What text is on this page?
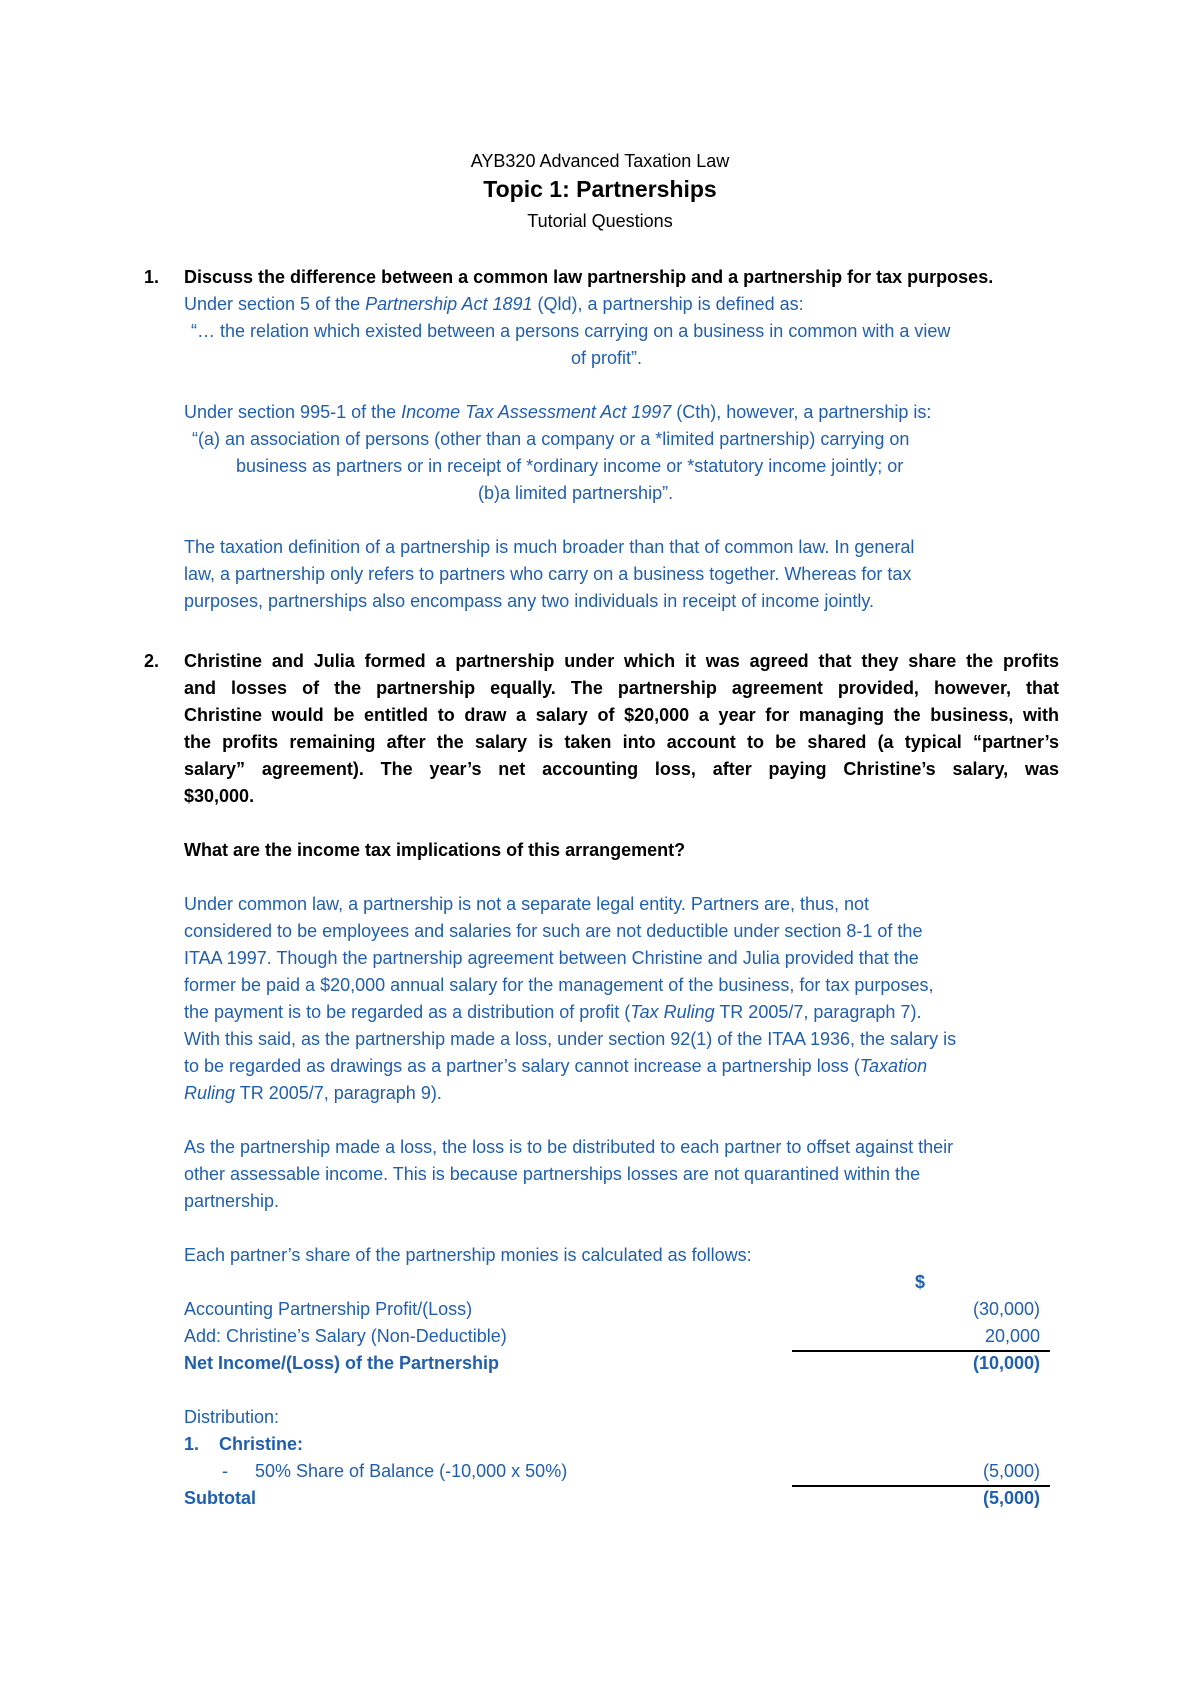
AYB320 Advanced Taxation Law
Topic 1: Partnerships
Tutorial Questions
1. Discuss the difference between a common law partnership and a partnership for tax purposes.
Under section 5 of the Partnership Act 1891 (Qld), a partnership is defined as:
“… the relation which existed between a persons carrying on a business in common with a view
of profit”.
Under section 995-1 of the Income Tax Assessment Act 1997 (Cth), however, a partnership is:
“(a) an association of persons (other than a company or a *limited partnership) carrying on
business as partners or in receipt of *ordinary income or *statutory income jointly; or
(b)a limited partnership”.
The taxation definition of a partnership is much broader than that of common law. In general
law, a partnership only refers to partners who carry on a business together. Whereas for tax
purposes, partnerships also encompass any two individuals in receipt of income jointly.
2. Christine and Julia formed a partnership under which it was agreed that they share the profits
and losses of the partnership equally. The partnership agreement provided, however, that
Christine would be entitled to draw a salary of $20,000 a year for managing the business, with
the profits remaining after the salary is taken into account to be shared (a typical “partner’s
salary” agreement). The year’s net accounting loss, after paying Christine’s salary, was
$30,000.
What are the income tax implications of this arrangement?
Under common law, a partnership is not a separate legal entity. Partners are, thus, not
considered to be employees and salaries for such are not deductible under section 8-1 of the
ITAA 1997. Though the partnership agreement between Christine and Julia provided that the
former be paid a $20,000 annual salary for the management of the business, for tax purposes,
the payment is to be regarded as a distribution of profit (Tax Ruling TR 2005/7, paragraph 7).
With this said, as the partnership made a loss, under section 92(1) of the ITAA 1936, the salary is
to be regarded as drawings as a partner’s salary cannot increase a partnership loss (Taxation
Ruling TR 2005/7, paragraph 9).
As the partnership made a loss, the loss is to be distributed to each partner to offset against their
other assessable income. This is because partnerships losses are not quarantined within the
partnership.
Each partner’s share of the partnership monies is calculated as follows:
$
Accounting Partnership Profit/(Loss)	(30,000)
Add: Christine’s Salary (Non-Deductible)	20,000
Net Income/(Loss) of the Partnership	(10,000)
Distribution:
1. Christine:
- 50% Share of Balance (-10,000 x 50%)	(5,000)
Subtotal	(5,000)
